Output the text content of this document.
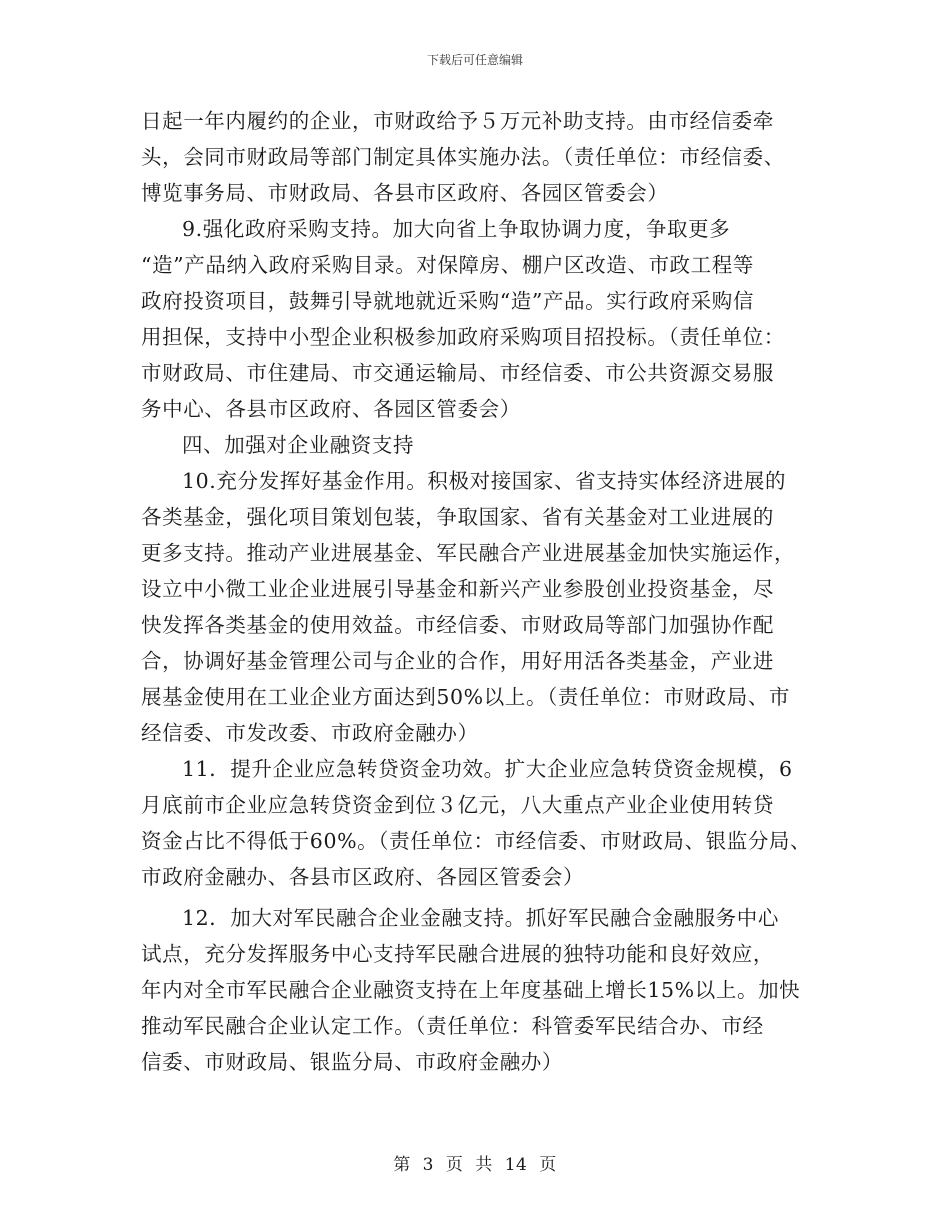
下载后可任意编辑
日起一年内履约的企业，市财政给予５万元补助支持。由市经信委牵
头，会同市财政局等部门制定具体实施办法。（责任单位：市经信委、
博览事务局、市财政局、各县市区政府、各园区管委会）
9.强化政府采购支持。加大向省上争取协调力度，争取更多
“造”产品纳入政府采购目录。对保障房、棚户区改造、市政工程等
政府投资项目，鼓舞引导就地就近采购“造”产品。实行政府采购信
用担保，支持中小型企业积极参加政府采购项目招投标。（责任单位：
市财政局、市住建局、市交通运输局、市经信委、市公共资源交易服
务中心、各县市区政府、各园区管委会）
四、加强对企业融资支持
10.充分发挥好基金作用。积极对接国家、省支持实体经济进展的
各类基金，强化项目策划包装，争取国家、省有关基金对工业进展的
更多支持。推动产业进展基金、军民融合产业进展基金加快实施运作，
设立中小微工业企业进展引导基金和新兴产业参股创业投资基金，尽
快发挥各类基金的使用效益。市经信委、市财政局等部门加强协作配
合，协调好基金管理公司与企业的合作，用好用活各类基金，产业进
展基金使用在工业企业方面达到50%以上。（责任单位：市财政局、市
经信委、市发改委、市政府金融办）
11．提升企业应急转贷资金功效。扩大企业应急转贷资金规模，6
月底前市企业应急转贷资金到位３亿元，八大重点产业企业使用转贷
资金占比不得低于60%。（责任单位：市经信委、市财政局、银监分局、
市政府金融办、各县市区政府、各园区管委会）
12．加大对军民融合企业金融支持。抓好军民融合金融服务中心
试点，充分发挥服务中心支持军民融合进展的独特功能和良好效应，
年内对全市军民融合企业融资支持在上年度基础上增长15%以上。加快
推动军民融合企业认定工作。（责任单位：科管委军民结合办、市经
信委、市财政局、银监分局、市政府金融办）
第 3 页 共 14 页
